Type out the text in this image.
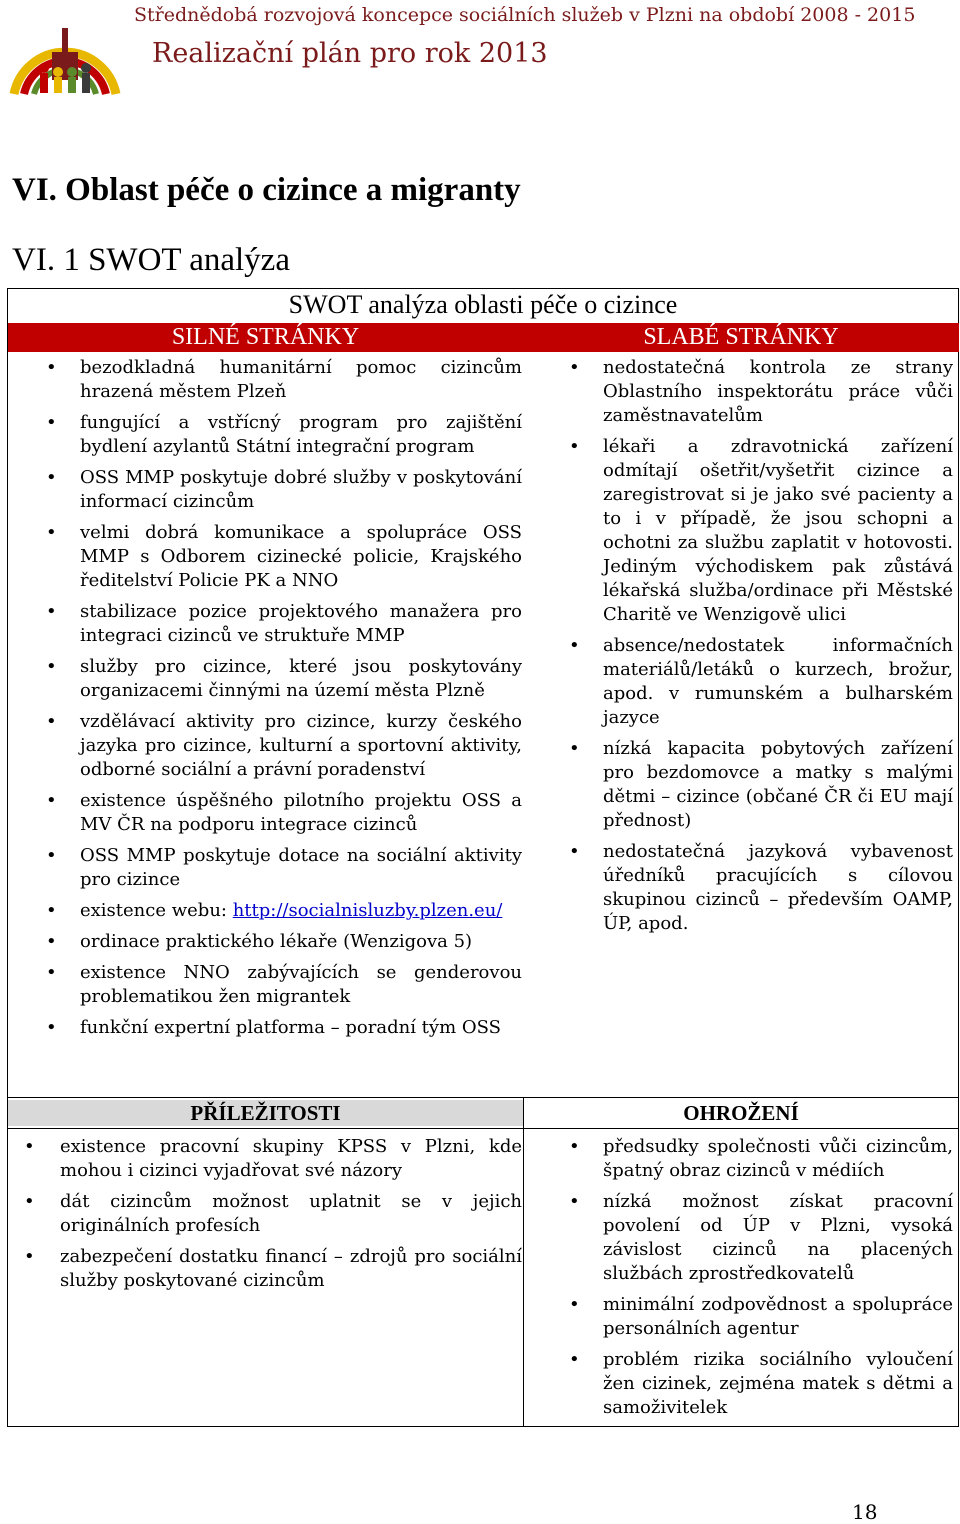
Střednědobá rozvojová koncepce sociálních služeb v Plzni na období 2008 - 2015
Realizační plán pro rok 2013
VI. Oblast péče o cizince a migranty
VI. 1 SWOT analýza
SWOT analýza oblasti péče o cizince
SILNÉ STRÁNKY	SLABÉ STRÁNKY
• bezodkladná humanitární pomoc cizincům hrazená městem Plzeň
• fungující a vstřícný program pro zajištění bydlení azylantů Státní integrační program
• OSS MMP poskytuje dobré služby v poskytování informací cizincům
• velmi dobrá komunikace a spolupráce OSS MMP s Odborem cizinecké policie, Krajského ředitelství Policie PK a NNO
• stabilizace pozice projektového manažera pro integraci cizinců ve struktuře MMP
• služby pro cizince, které jsou poskytovány organizacemi činnými na území města Plzně
• vzdělávací aktivity pro cizince, kurzy českého jazyka pro cizince, kulturní a sportovní aktivity, odborné sociální a právní poradenství
• existence úspěšného pilotního projektu OSS a MV ČR na podporu integrace cizinců
• OSS MMP poskytuje dotace na sociální aktivity pro cizince
• existence webu: http://socialnisluzby.plzen.eu/
• ordinace praktického lékaře (Wenzigova 5)
• existence NNO zabývajících se genderovou problematikou žen migrantek
• funkční expertní platforma – poradní tým OSS
• nedostatečná kontrola ze strany Oblastního inspektorátu práce vůči zaměstnavatelům
• lékaři a zdravotnická zařízení odmítají ošetřit/vyšetřit cizince a zaregistrovat si je jako své pacienty a to i v případě, že jsou schopni a ochotni za službu zaplatit v hotovosti. Jediným východiskem pak zůstává lékařská služba/ordinace při Městské Charitě ve Wenzigově ulici
• absence/nedostatek informačních materiálů/letáků o kurzech, brožur, apod. v rumunském a bulharském jazyce
• nízká kapacita pobytových zařízení pro bezdomovce a matky s malými dětmi – cizince (občané ČR či EU mají přednost)
• nedostatečná jazyková vybavenost úředníků pracujících s cílovou skupinou cizinců – především OAMP, ÚP, apod.
PŘÍLEŽITOSTI	OHROŽENÍ
• existence pracovní skupiny KPSS v Plzni, kde mohou i cizinci vyjadřovat své názory
• dát cizincům možnost uplatnit se v jejich originálních profesích
• zabezpečení dostatku financí – zdrojů pro sociální služby poskytované cizincům
• předsudky společnosti vůči cizincům, špatný obraz cizinců v médiích
• nízká možnost získat pracovní povolení od ÚP v Plzni, vysoká závislost cizinců na placených službách zprostředkovatelů
• minimální zodpovědnost a spolupráce personálních agentur
• problém rizika sociálního vyloučení žen cizinek, zejména matek s dětmi a samoživitelek
18
